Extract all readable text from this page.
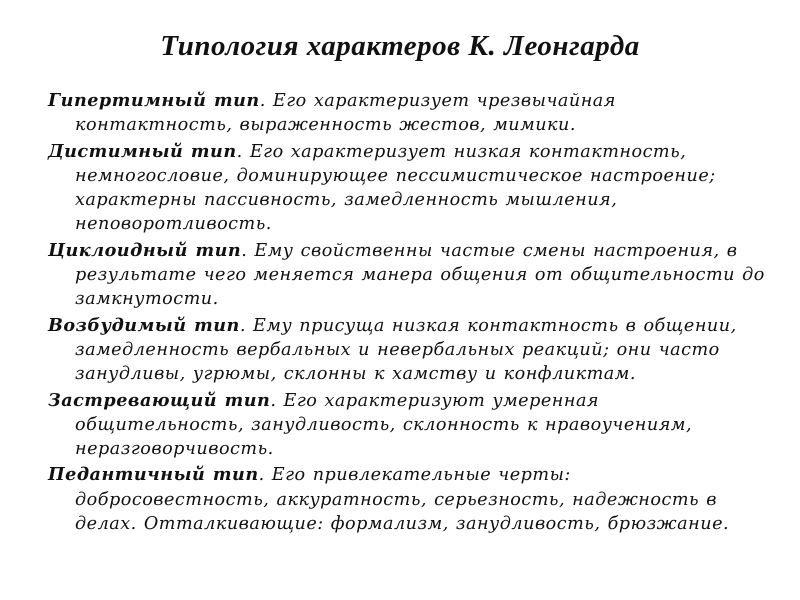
Типология характеров К. Леонгарда

Гипертимный тип. Его характеризует чрезвычайная контактность, выраженность жестов, мимики.

Дистимный тип. Его характеризует низкая контактность, немногословие, доминирующее пессимистическое настроение; характерны пассивность, замедленность мышления, неповоротливость.

Циклоидный тип. Ему свойственны частые смены настроения, в результате чего меняется манера общения от общительности до замкнутости.

Возбудимый тип. Ему присуща низкая контактность в общении, замедленность вербальных и невербальных реакций; они часто занудливы, угрюмы, склонны к хамству и конфликтам.

Застревающий тип. Его характеризуют умеренная общительность, занудливость, склонность к нравоучениям, неразговорчивость.

Педантичный тип. Его привлекательные черты: добросовестность, аккуратность, серьезность, надежность в делах. Отталкивающие: формализм, занудливость, брюзжание.
